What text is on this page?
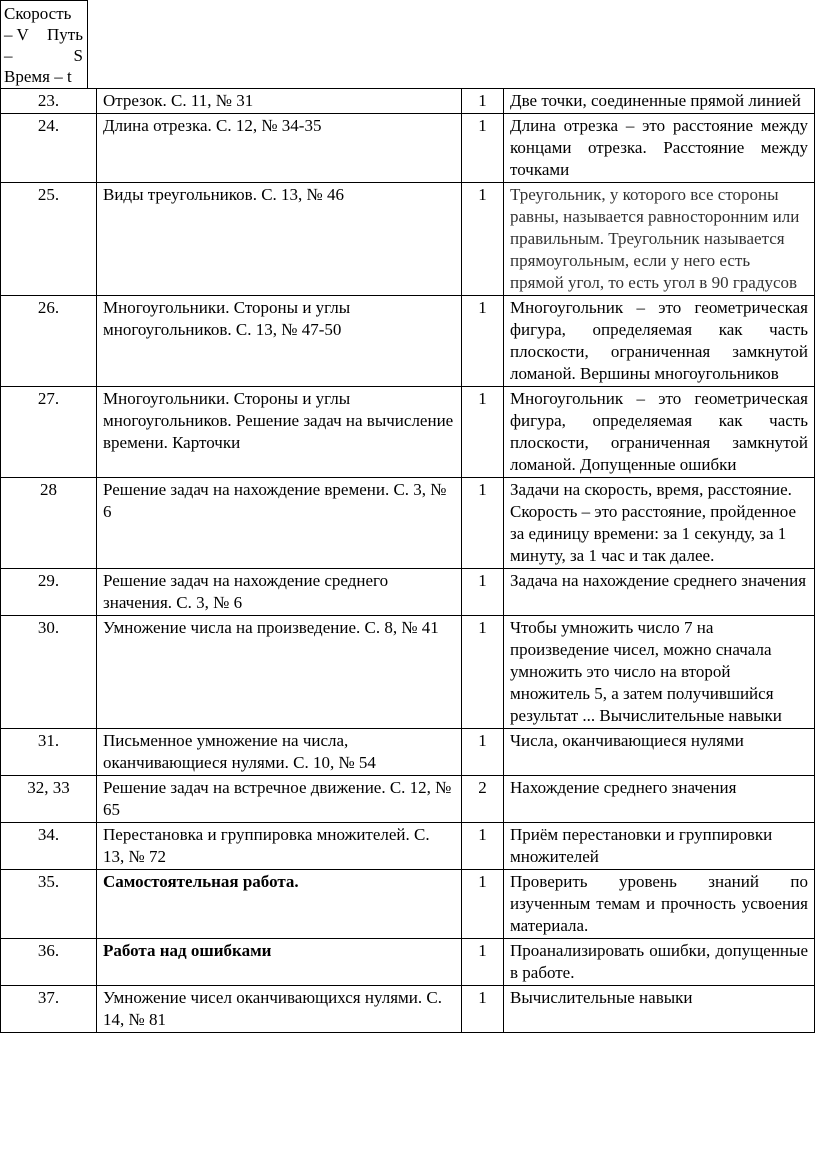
Скорость
– V Путь
–	S
Время – t
23.	Отрезок. С. 11, № 31	1	Две точки, соединенные прямой линией
24.	Длина отрезка. С. 12, № 34-35	1	Длина отрезка – это расстояние между концами отрезка. Расстояние между точками
25.	Виды треугольников. С. 13, № 46	1	Треугольник, у которого все стороны равны, называется равносторонним или правильным. Треугольник называется прямоугольным, если у него есть прямой угол, то есть угол в 90 градусов
26.	Многоугольники. Стороны и углы многоугольников. С. 13, № 47-50	1	Многоугольник – это геометрическая фигура, определяемая как часть плоскости, ограниченная замкнутой ломаной. Вершины многоугольников
27.	Многоугольники. Стороны и углы многоугольников. Решение задач на вычисление времени. Карточки	1	Многоугольник – это геометрическая фигура, определяемая как часть плоскости, ограниченная замкнутой ломаной. Допущенные ошибки
28	Решение задач на нахождение времени. С. 3, № 6	1	Задачи на скорость, время, расстояние. Скорость – это расстояние, пройденное за единицу времени: за 1 секунду, за 1 минуту, за 1 час и так далее.
29.	Решение задач на нахождение среднего значения. С. 3, № 6	1	Задача на нахождение среднего значения
30.	Умножение числа на произведение. С. 8, № 41	1	Чтобы умножить число 7 на произведение чисел, можно сначала умножить это число на второй множитель 5, а затем получившийся результат ... Вычислительные навыки
31.	Письменное умножение на числа, оканчивающиеся нулями. С. 10, № 54	1	Числа, оканчивающиеся нулями
32, 33	Решение задач на встречное движение. С. 12, № 65	2	Нахождение среднего значения
34.	Перестановка и группировка множителей. С. 13, № 72	1	Приём перестановки и группировки множителей
35.	Самостоятельная работа.	1	Проверить уровень знаний по изученным темам и прочность усвоения материала.
36.	Работа над ошибками	1	Проанализировать ошибки, допущенные в работе.
37.	Умножение чисел оканчивающихся нулями. С. 14, № 81	1	Вычислительные навыки
